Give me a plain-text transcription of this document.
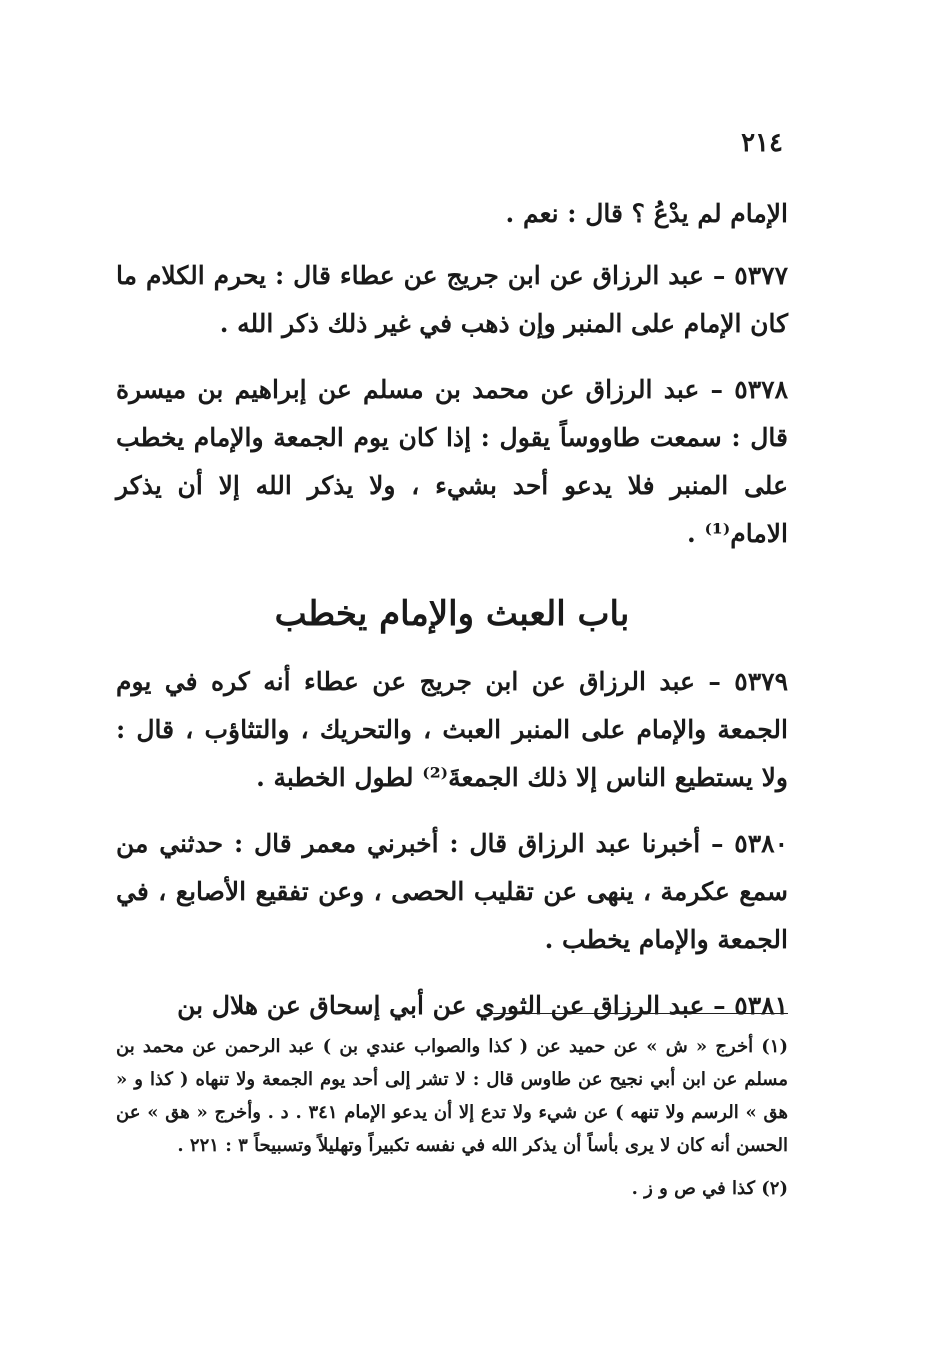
٢١٤

الإمام لم يدْعُ ؟ قال : نعم .

٥٣٧٧ – عبد الرزاق عن ابن جريج عن عطاء قال : يحرم الكلام ما كان الإمام على المنبر وإن ذهب في غير ذلك ذكر الله .

٥٣٧٨ – عبد الرزاق عن محمد بن مسلم عن إبراهيم بن ميسرة قال : سمعت طاووساً يقول : إذا كان يوم الجمعة والإمام يخطب على المنبر فلا يدعو أحد بشيء ، ولا يذكر الله إلا أن يذكر الامام⁽¹⁾ .

باب العبث والإمام يخطب

٥٣٧٩ – عبد الرزاق عن ابن جريج عن عطاء أنه كره في يوم الجمعة والإمام على المنبر العبث ، والتحريك ، والتثاؤب ، قال : ولا يستطيع الناس إلا ذلك الجمعةَ⁽²⁾ لطول الخطبة .

٥٣٨٠ – أخبرنا عبد الرزاق قال : أخبرني معمر قال : حدثني من سمع عكرمة ، ينهى عن تقليب الحصى ، وعن تفقيع الأصابع ، في الجمعة والإمام يخطب .

٥٣٨١ – عبد الرزاق عن الثوري عن أبي إسحاق عن هلال بن

(١) أخرج « ش » عن حميد عن ( كذا والصواب عندي بن ) عبد الرحمن عن محمد بن مسلم عن ابن أبي نجيح عن طاوس قال : لا تشر إلى أحد يوم الجمعة ولا تنهاه ( كذا و « هق » الرسم ولا تنهه ) عن شيء ولا تدع إلا أن يدعو الإمام ٣٤١ . د . وأخرج « هق » عن الحسن أنه كان لا يرى بأساً أن يذكر الله في نفسه تكبيراً وتهليلاً وتسبيحاً ٣ : ٢٢١ .

(٢) كذا في ص و ز .
